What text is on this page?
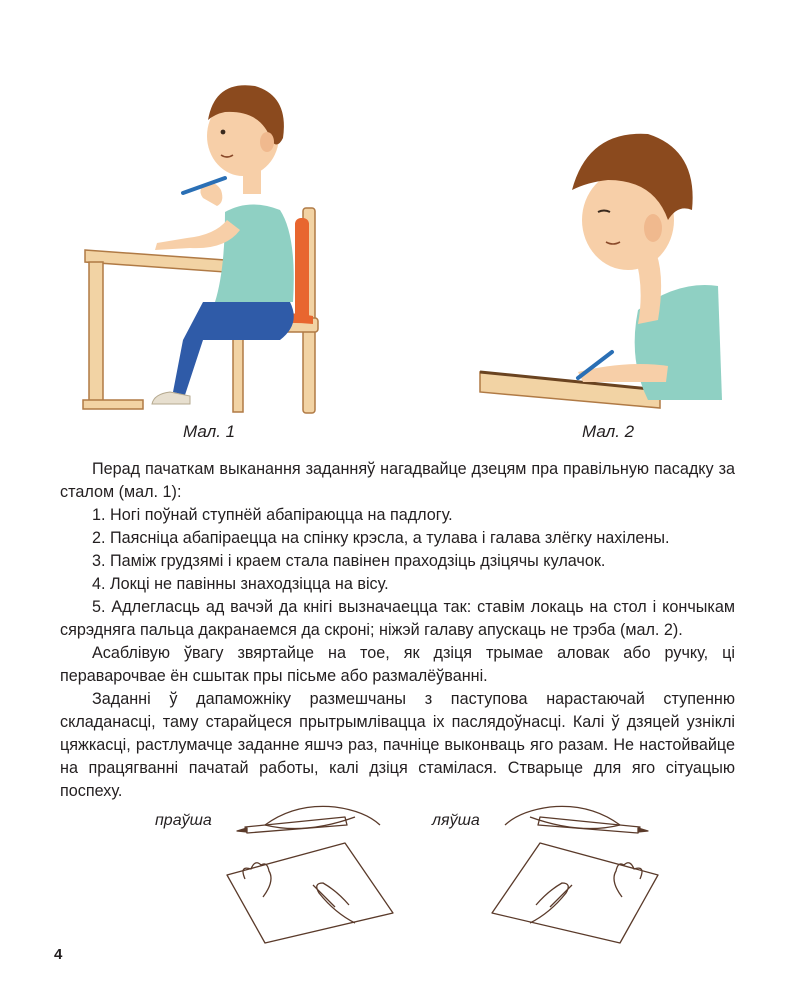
Мал. 1	Мал. 2

Перад пачаткам выканання заданняў нагадвайце дзецям пра правільную пасадку за сталом (мал. 1):

1. Ногі поўнай ступнёй абапіраюцца на падлогу.

2. Паясніца абапіраецца на спінку крэсла, а тулава і галава злёгку нахілены.

3. Паміж грудзямі і краем стала павінен праходзіць дзіцячы кулачок.

4. Локці не павінны знаходзіцца на вісу.

5. Адлегласць ад вачэй да кнігі вызначаецца так: ставім локаць на стол і кончыкам сярэдняга пальца дакранаемся да скроні; ніжэй галаву апускаць не трэба (мал. 2).

Асаблівую ўвагу звяртайце на тое, як дзіця трымае аловак або ручку, ці пераварочвае ён сшытак пры пісьме або размалёўванні.

Заданні ў дапаможніку размешчаны з паступова нарастаючай ступенню складанасці, таму старайцеся прытрымлівацца іх паслядоўнасці. Калі ў дзяцей узніклі цяжкасці, растлумачце заданне яшчэ раз, пачніце выконваць яго разам. Не настойвайце на працягванні пачатай работы, калі дзіця стамілася. Стварыце для яго сітуацыю поспеху.

праўша	ляўша
4
